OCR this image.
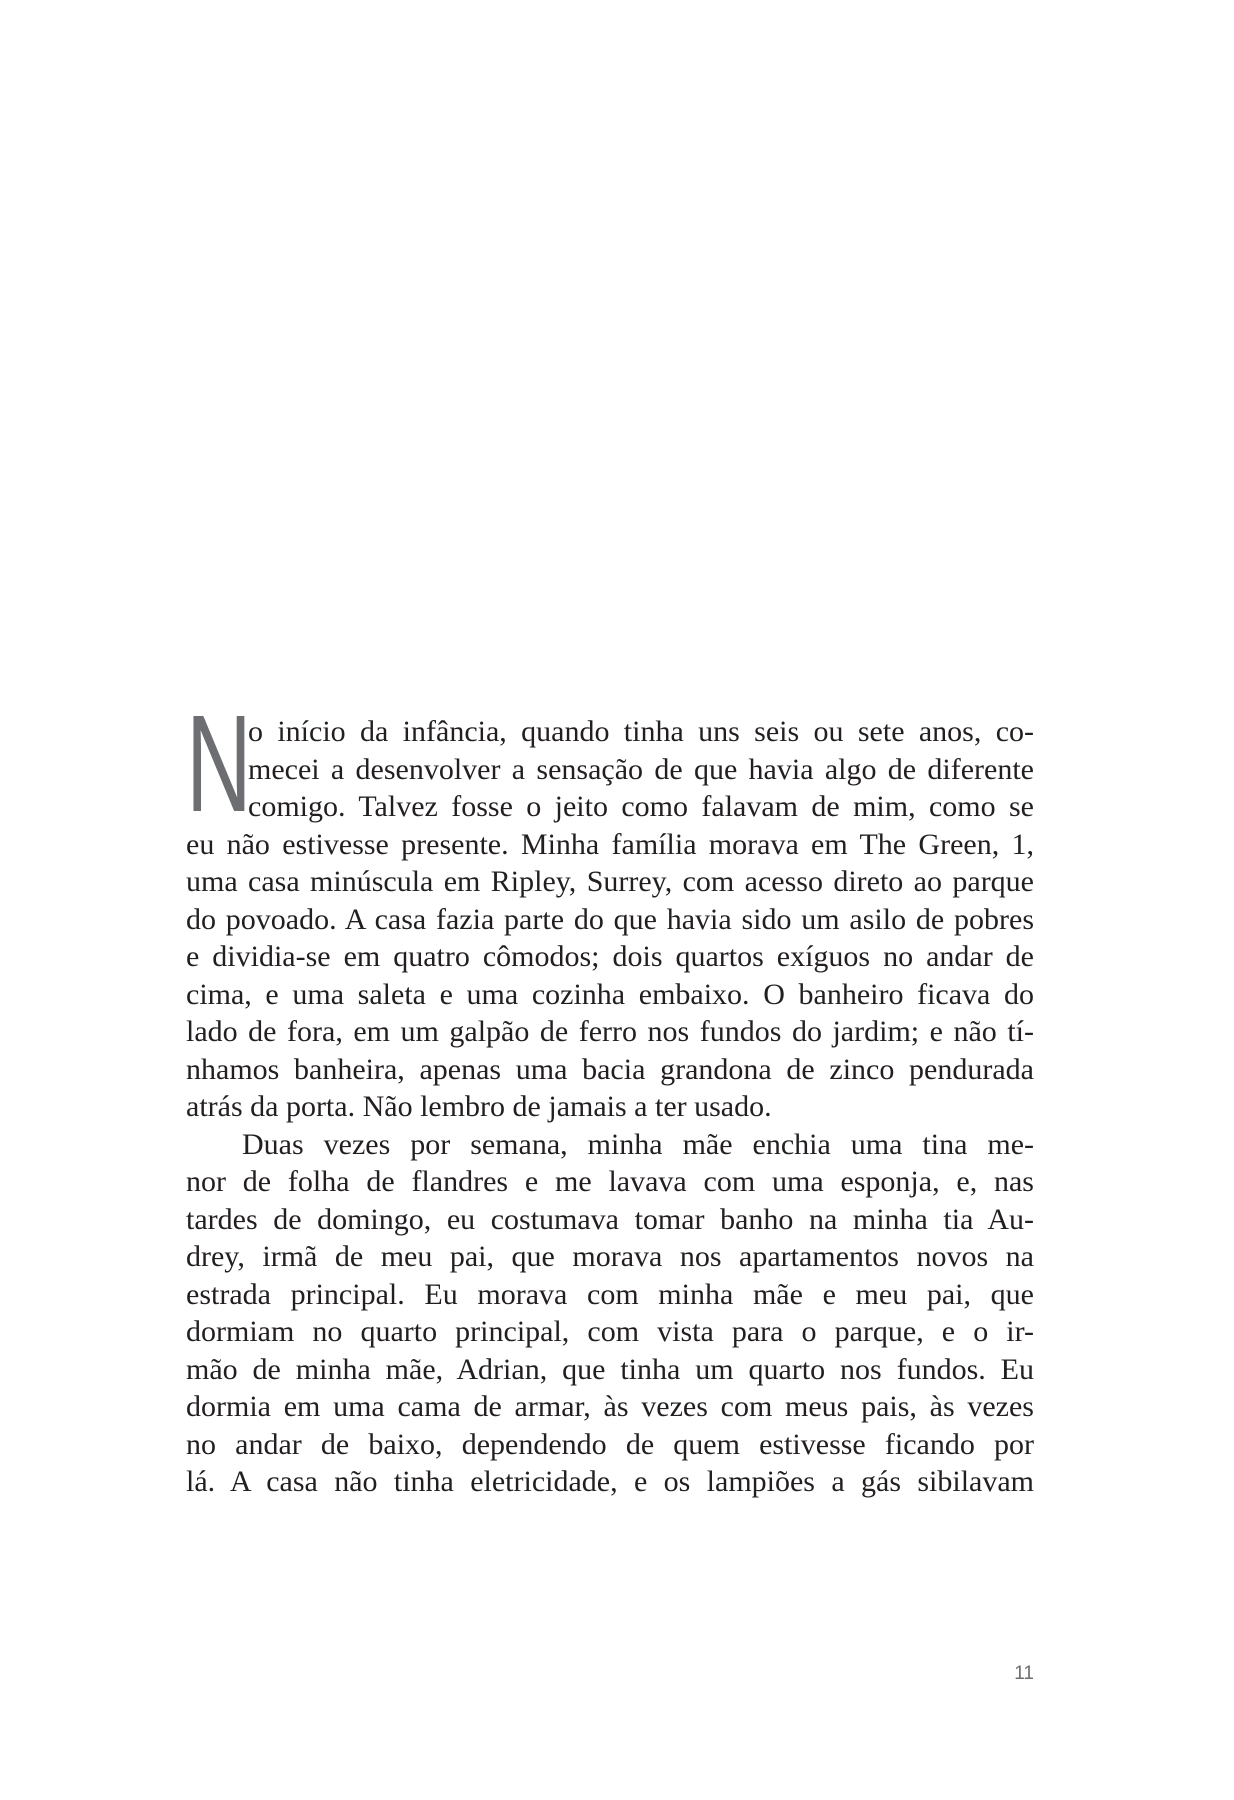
N
o início da infância, quando tinha uns seis ou sete anos, co-
mecei a desenvolver a sensação de que havia algo de diferente
comigo. Talvez fosse o jeito como falavam de mim, como se
eu não estivesse presente. Minha família morava em The Green, 1,
uma casa minúscula em Ripley, Surrey, com acesso direto ao parque
do povoado. A casa fazia parte do que havia sido um asilo de pobres
e dividia-se em quatro cômodos; dois quartos exíguos no andar de
cima, e uma saleta e uma cozinha embaixo. O banheiro ficava do
lado de fora, em um galpão de ferro nos fundos do jardim; e não tí-
nhamos banheira, apenas uma bacia grandona de zinco pendurada
atrás da porta. Não lembro de jamais a ter usado.
Duas vezes por semana, minha mãe enchia uma tina me-
nor de folha de flandres e me lavava com uma esponja, e, nas
tardes de domingo, eu costumava tomar banho na minha tia Au-
drey, irmã de meu pai, que morava nos apartamentos novos na
estrada principal. Eu morava com minha mãe e meu pai, que
dormiam no quarto principal, com vista para o parque, e o ir-
mão de minha mãe, Adrian, que tinha um quarto nos fundos. Eu
dormia em uma cama de armar, às vezes com meus pais, às vezes
no andar de baixo, dependendo de quem estivesse ficando por
lá. A casa não tinha eletricidade, e os lampiões a gás sibilavam
11
